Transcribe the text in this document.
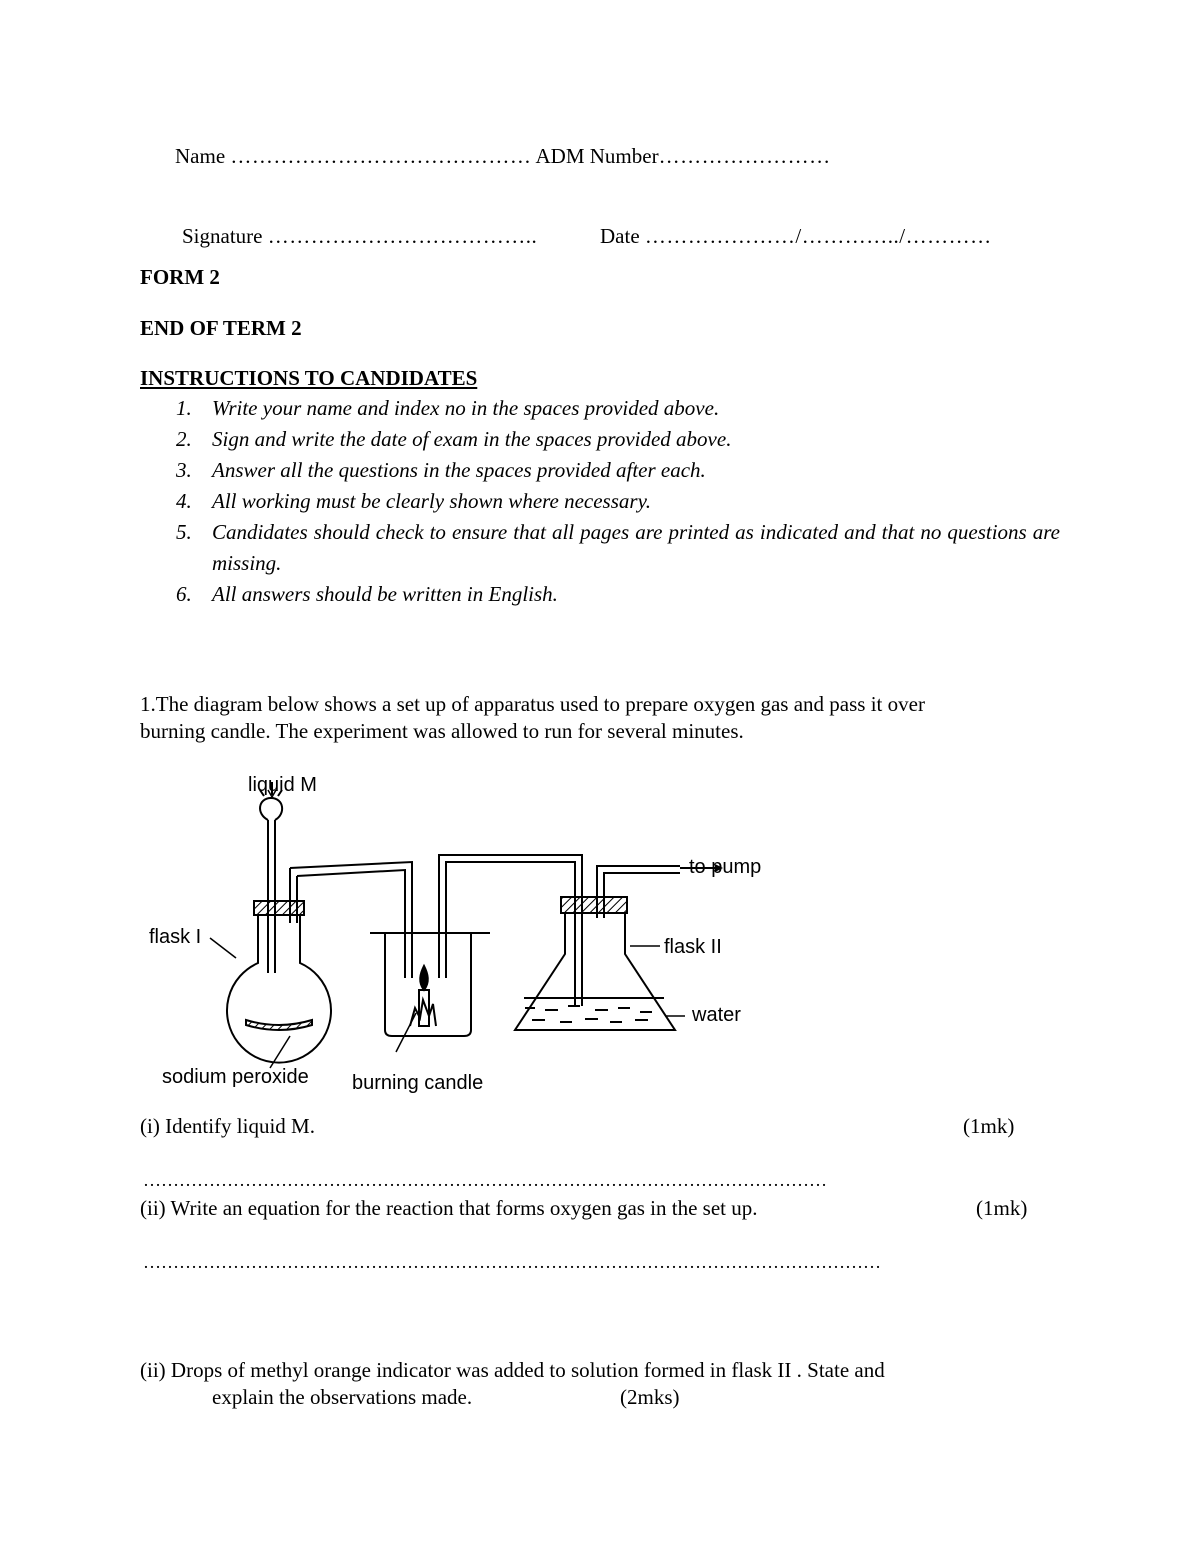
Name …………………………………… ADM Number……………………
Signature ………………………………..	Date …………………/…………../…………
FORM 2
END OF TERM 2
INSTRUCTIONS TO CANDIDATES
1. Write your name and index no in the spaces provided above.
2. Sign and write the date of exam in the spaces provided above.
3. Answer all the questions in the spaces provided after each.
4. All working must be clearly shown where necessary.
5. Candidates should check to ensure that all pages are printed as indicated and that no questions are missing.
6. All answers should be written in English.
1.The diagram below shows a set up of apparatus used to prepare oxygen gas and pass it over
burning candle. The experiment was allowed to run for several minutes.
liquid M
to pump
flask I	flask II
water
sodium peroxide burning candle
(i) Identify liquid M.	(1mk)
……………………………………………………………………………………………………
(ii) Write an equation for the reaction that forms oxygen gas in the set up.	(1mk)
……………………………………………………………………………………………………………
(ii) Drops of methyl orange indicator was added to solution formed in flask II . State and
explain the observations made.	(2mks)
